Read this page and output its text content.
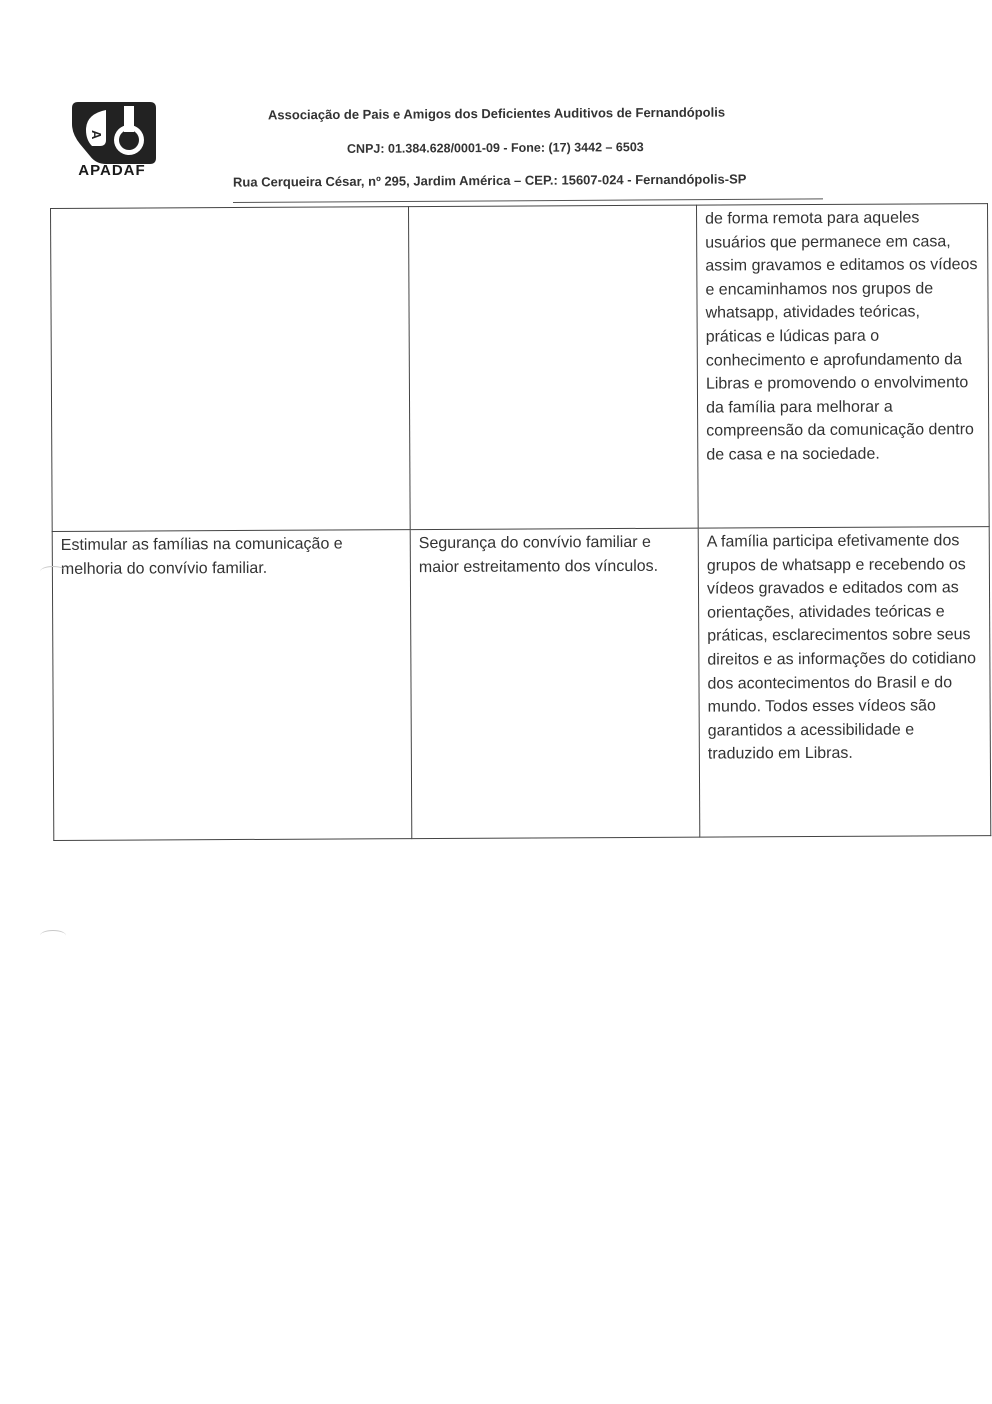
A
APADAF
Associação de Pais e Amigos dos Deficientes Auditivos de Fernandópolis
CNPJ: 01.384.628/0001-09 - Fone: (17) 3442 – 6503
Rua Cerqueira César, nº 295, Jardim América – CEP.: 15607-024 - Fernandópolis-SP

		de forma remota para aqueles usuários que permanece em casa, assim gravamos e editamos os vídeos e encaminhamos nos grupos de whatsapp, atividades teóricas, práticas e lúdicas para o conhecimento e aprofundamento da Libras e promovendo o envolvimento da família para melhorar a compreensão da comunicação dentro de casa e na sociedade.

Estimular as famílias na comunicação e melhoria do convívio familiar.	Segurança do convívio familiar e maior estreitamento dos vínculos.	A família participa efetivamente dos grupos de whatsapp e recebendo os vídeos gravados e editados com as orientações, atividades teóricas e práticas, esclarecimentos sobre seus direitos e as informações do cotidiano dos acontecimentos do Brasil e do mundo. Todos esses vídeos são garantidos a acessibilidade e traduzido em Libras.
